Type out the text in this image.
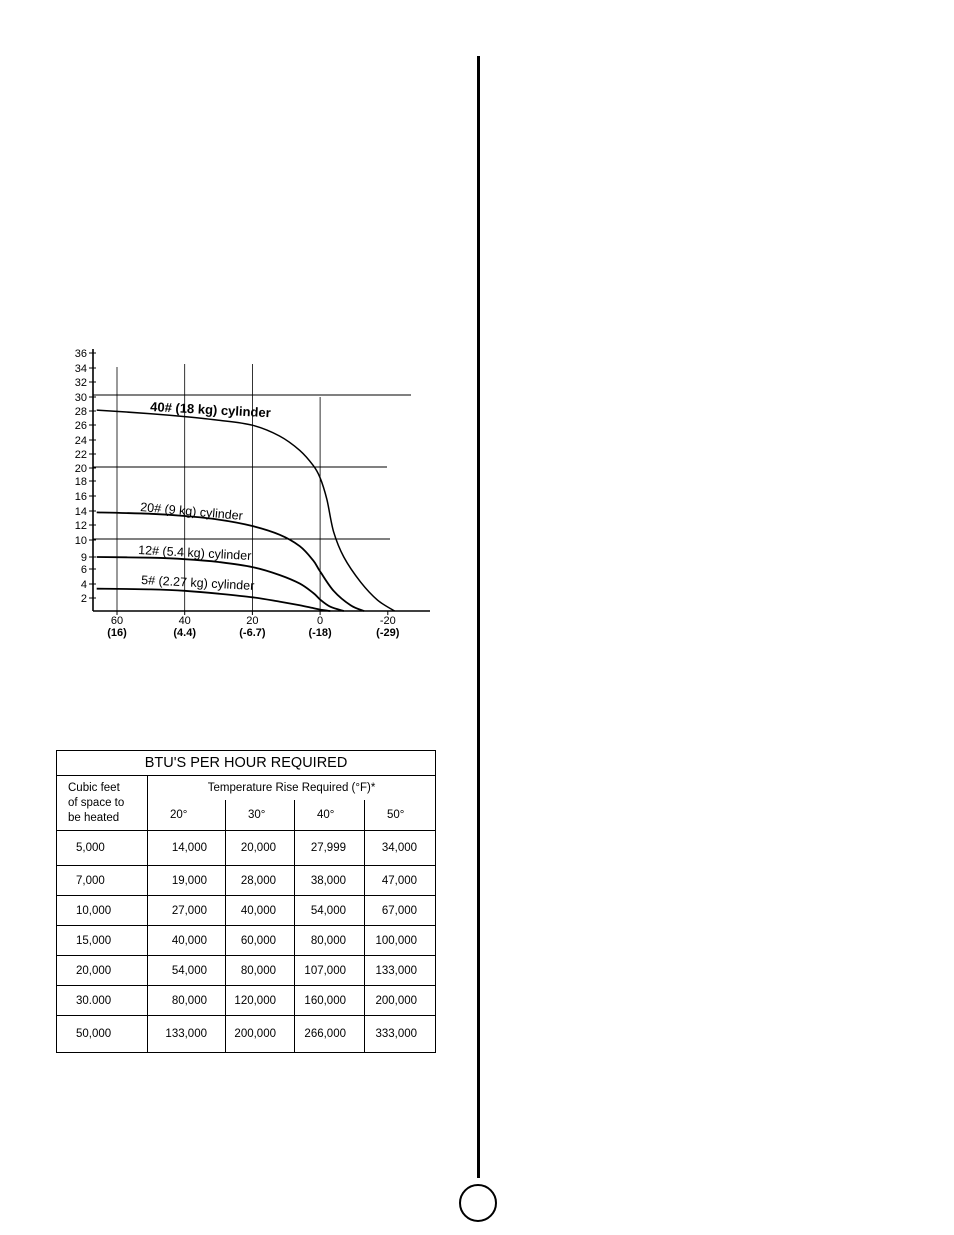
36
34
32
30
28
26
24
22
20
18
16
14
12
10
9
6
4
2
60
(16)
40
(4.4)
20
(-6.7)
0
(-18)
-20
(-29)
40# (18 kg) cylinder
20# (9 kg) cylinder
12# (5.4 kg) cylinder
5# (2.27 kg) cylinder
BTU'S PER HOUR REQUIRED				
Cubic feet
of space to
be heated	Temperature Rise Required (°F)*			
	20°	30°	40°	50°
5,000	14,000	20,000	27,999	34,000
7,000	19,000	28,000	38,000	47,000
10,000	27,000	40,000	54,000	67,000
15,000	40,000	60,000	80,000	100,000
20,000	54,000	80,000	107,000	133,000
30.000	80,000	120,000	160,000	200,000
50,000	133,000	200,000	266,000	333,000
